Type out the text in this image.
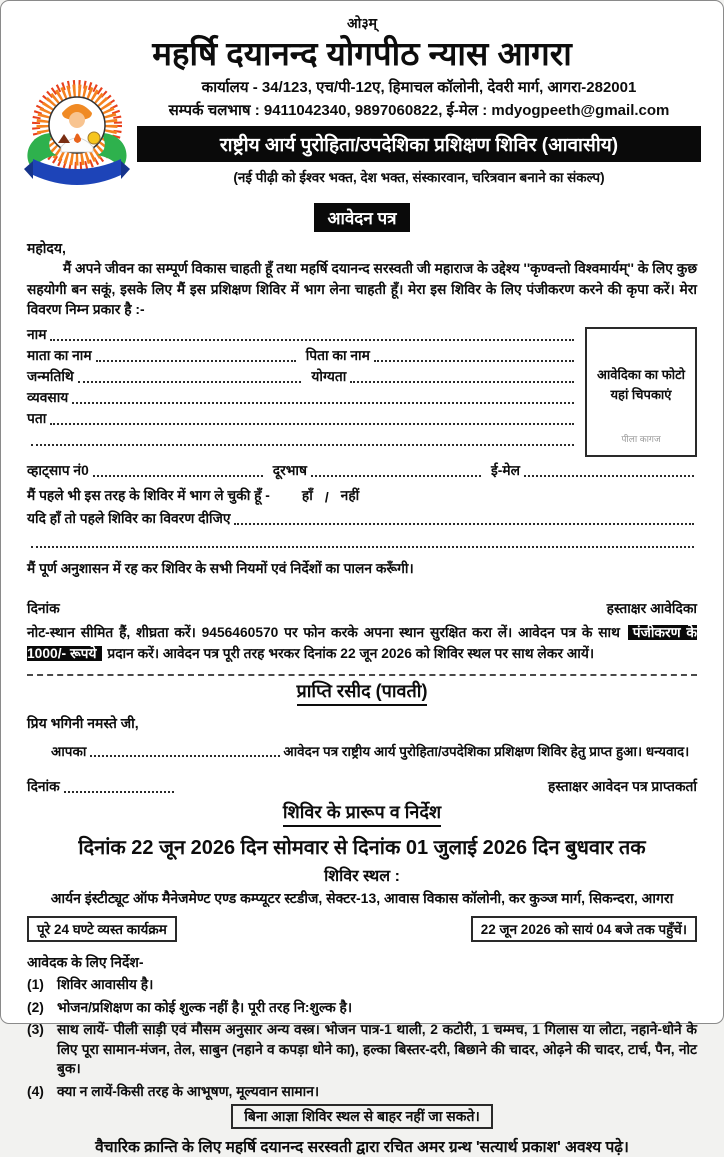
ओ३म्
महर्षि दयानन्द योगपीठ न्यास आगरा
कार्यालय - 34/123, एच/पी-12ए, हिमाचल कॉलोनी, देवरी मार्ग, आगरा-282001
सम्पर्क चलभाष : 9411042340, 9897060822, ई-मेल : mdyogpeeth@gmail.com
राष्ट्रीय आर्य पुरोहिता/उपदेशिका प्रशिक्षण शिविर (आवासीय)
(नई पीढ़ी को ईश्वर भक्त, देश भक्त, संस्कारवान, चरित्रवान बनाने का संकल्प)
आवेदन पत्र
महोदय,
मैं अपने जीवन का सम्पूर्ण विकास चाहती हूँ तथा महर्षि दयानन्द सरस्वती जी महाराज के उद्देश्य ''कृण्वन्तो विश्वमार्यम्'' के लिए कुछ सहयोगी बन सकूं, इसके लिए मैं इस प्रशिक्षण शिविर में भाग लेना चाहती हूँ। मेरा इस शिविर के लिए पंजीकरण करने की कृपा करें। मेरा विवरण निम्न प्रकार है :-
नाम
माता का नाम	पिता का नाम
जन्मतिथि	योग्यता
व्यवसाय
पता
आवेदिका का फोटो
यहां चिपकाएं
पीला कागज
व्हाट्साप नं0	दूरभाष	ई-मेल
मैं पहले भी इस तरह के शिविर में भाग ले चुकी हूँ - हाँ / नहीं
यदि हाँ तो पहले शिविर का विवरण दीजिए
मैं पूर्ण अनुशासन में रह कर शिविर के सभी नियमों एवं निर्देशों का पालन करूँगी।
दिनांक	हस्ताक्षर आवेदिका

नोट-स्थान सीमित हैं, शीघ्रता करें। 9456460570 पर फोन करके अपना स्थान सुरक्षित करा लें। आवेदन पत्र के साथ पंजीकरण के 1000/- रूपये प्रदान करें। आवेदन पत्र पूरी तरह भरकर दिनांक 22 जून 2026 को शिविर स्थल पर साथ लेकर आयें।

प्राप्ति रसीद (पावती)
प्रिय भगिनी नमस्ते जी,
आपका	आवेदन पत्र राष्ट्रीय आर्य पुरोहिता/उपदेशिका प्रशिक्षण शिविर हेतु प्राप्त हुआ। धन्यवाद।
दिनांक	हस्ताक्षर आवेदन पत्र प्राप्तकर्ता
शिविर के प्रारूप व निर्देश
दिनांक 22 जून 2026 दिन सोमवार से दिनांक 01 जुलाई 2026 दिन बुधवार तक
शिविर स्थल :
आर्यन इंस्टीट्यूट ऑफ मैनेजमेण्ट एण्ड कम्प्यूटर स्टडीज, सेक्टर-13, आवास विकास कॉलोनी, कर कुञ्ज मार्ग, सिकन्दरा, आगरा
पूरे 24 घण्टे व्यस्त कार्यक्रम	22 जून 2026 को सायं 04 बजे तक पहुँचें।
आवेदक के लिए निर्देश-
(1) शिविर आवासीय है।
(2) भोजन/प्रशिक्षण का कोई शुल्क नहीं है। पूरी तरह नि:शुल्क है।
(3) साथ लायें- पीली साड़ी एवं मौसम अनुसार अन्य वस्त्र। भोजन पात्र-1 थाली, 2 कटोरी, 1 चम्मच, 1 गिलास या लोटा, नहाने-धोने के लिए पूरा सामान-मंजन, तेल, साबुन (नहाने व कपड़ा धोने का), हल्का बिस्तर-दरी, बिछाने की चादर, ओढ़ने की चादर, टार्च, पैन, नोट बुक।
(4) क्या न लायें-किसी तरह के आभूषण, मूल्यवान सामान।
बिना आज्ञा शिविर स्थल से बाहर नहीं जा सकते।
वैचारिक क्रान्ति के लिए महर्षि दयानन्द सरस्वती द्वारा रचित अमर ग्रन्थ 'सत्यार्थ प्रकाश' अवश्य पढ़े।
